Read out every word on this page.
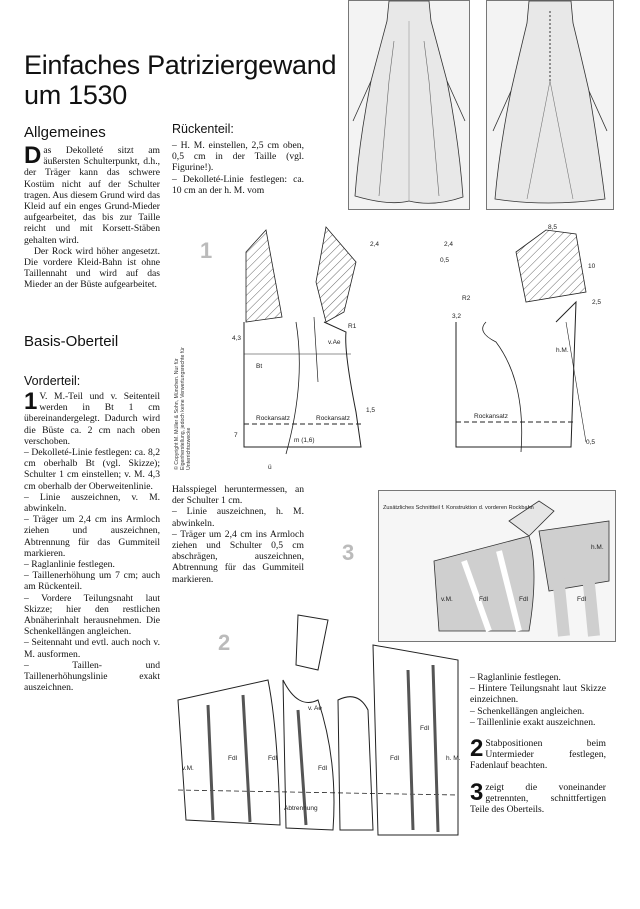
Einfaches Patriziergewand um 1530
Allgemeines

Das Dekolleté sitzt am äußersten Schulterpunkt, d.h., der Träger kann das schwere Kostüm nicht auf der Schulter tragen. Aus diesem Grund wird das Kleid auf ein enges Grund-Mieder aufgearbeitet, das bis zur Taille reicht und mit Korsett-Stäben gehalten wird.

Der Rock wird höher angesetzt. Die vordere Kleid-Bahn ist ohne Taillennaht und wird auf das Mieder an der Büste aufgearbeitet.

Basis-Oberteil
Vorderteil:

1 V. M.-Teil und v. Seitenteil werden in Bt 1 cm übereinandergelegt. Dadurch wird die Büste ca. 2 cm nach oben verschoben.

– Dekolleté-Linie festlegen: ca. 8,2 cm oberhalb Bt (vgl. Skizze); Schulter 1 cm einstellen; v. M. 4,3 cm oberhalb der Oberweitenlinie.

– Linie auszeichnen, v. M. abwinkeln.

– Träger um 2,4 cm ins Armloch ziehen und auszeichnen, Abtrennung für das Gummiteil markieren.

– Raglanlinie festlegen.

– Taillenerhöhung um 7 cm; auch am Rückenteil.

– Vordere Teilungsnaht laut Skizze; hier den restlichen Abnäherinhalt herausnehmen. Die Schenkellängen angleichen.

– Seitennaht und evtl. auch noch v. M. ausformen.

– Taillen- und Taillenerhöhungslinie exakt auszeichnen.

Rückenteil:

– H. M. einstellen, 2,5 cm oben, 0,5 cm in der Taille (vgl. Figurine!).

– Dekolleté-Linie festlegen: ca. 10 cm an der h. M. vom

© Copyright M. Müller & Sohn, München. Nur für Eigenherstellung, jedoch keine Verwertungsrechte für Unterrichtszwecke
1	2,4
R1
v.Ae
Bt
m (1,6)
Rockansatz
Rockansatz
1,5
7
4,3
ü
8,5
2,4
0,5
10
2,5
R2
3,2
h.M.
Rockansatz
0,5

Halsspiegel heruntermessen, an der Schulter 1 cm.

– Linie auszeichnen, h. M. abwinkeln.

– Träger um 2,4 cm ins Armloch ziehen und Schulter 0,5 cm abschrägen, auszeichnen, Abtrennung für das Gummiteil markieren.

3
Zusätzliches Schnittteil f. Konstruktion d. vorderen Rockbahn
v.M.	Fdl	Fdl	Fdl
h.M.
2
v.M.
Fdl	Fdl
v. Ae
Fdl
Fdl	h. M.
Fdl
Abtrennung

– Raglanlinie festlegen.

– Hintere Teilungsnaht laut Skizze einzeichnen.

– Schenkellängen angleichen.

– Taillenlinie exakt auszeichnen.

2 Stabpositionen beim Untermieder festlegen, Fadenlauf beachten.

3 zeigt die voneinander getrennten, schnittfertigen Teile des Oberteils.
